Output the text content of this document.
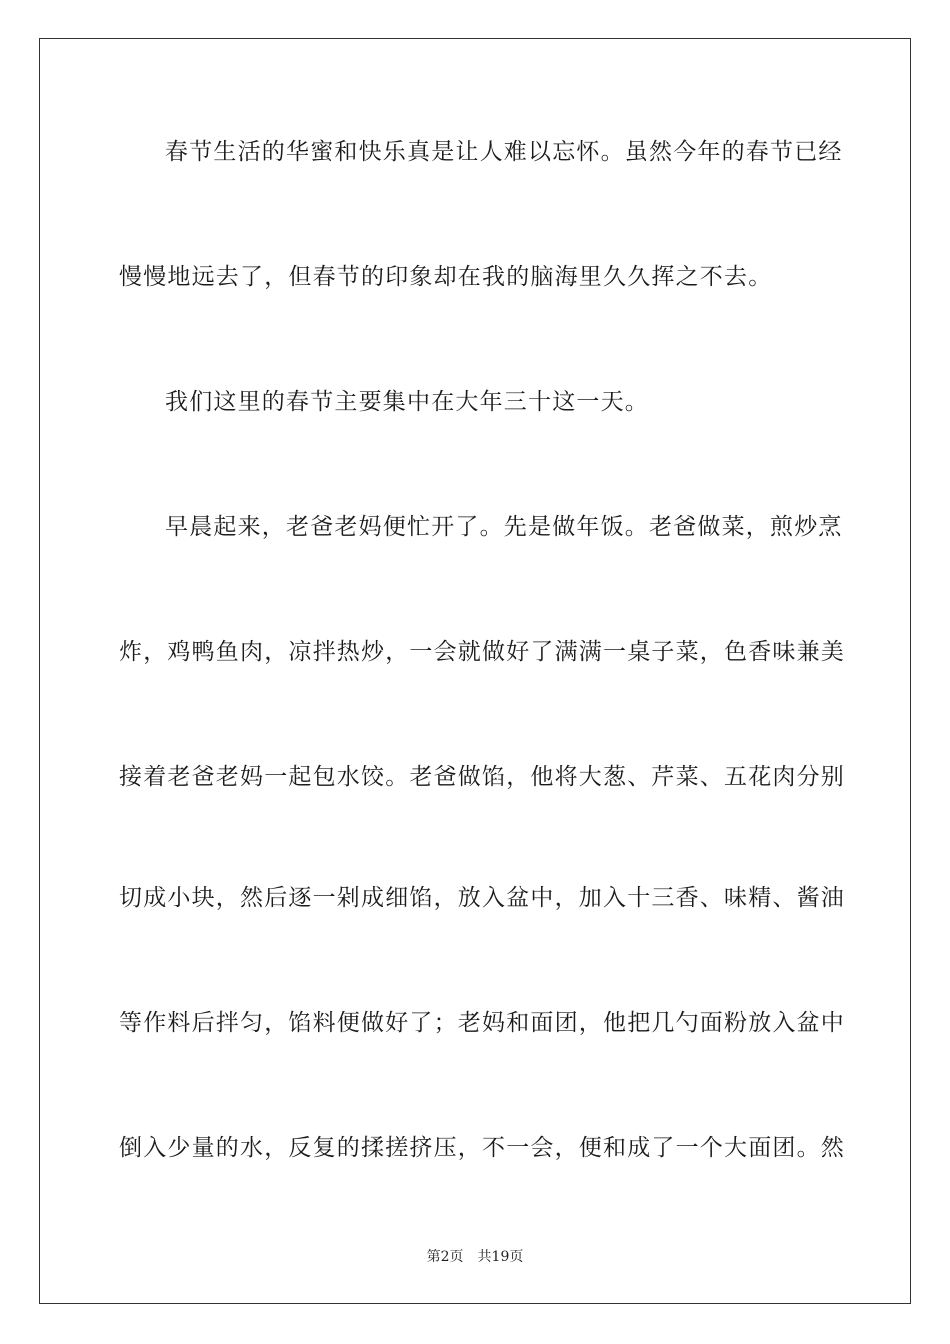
春节生活的华蜜和快乐真是让人难以忘怀。虽然今年的春节已经
慢慢地远去了，但春节的印象却在我的脑海里久久挥之不去。
我们这里的春节主要集中在大年三十这一天。
早晨起来，老爸老妈便忙开了。先是做年饭。老爸做菜，煎炒烹
炸，鸡鸭鱼肉，凉拌热炒，一会就做好了满满一桌子菜，色香味兼美
接着老爸老妈一起包水饺。老爸做馅，他将大葱、芹菜、五花肉分别
切成小块，然后逐一剁成细馅，放入盆中，加入十三香、味精、酱油
等作料后拌匀，馅料便做好了；老妈和面团，他把几勺面粉放入盆中
倒入少量的水，反复的揉搓挤压，不一会，便和成了一个大面团。然
第2页 共19页
